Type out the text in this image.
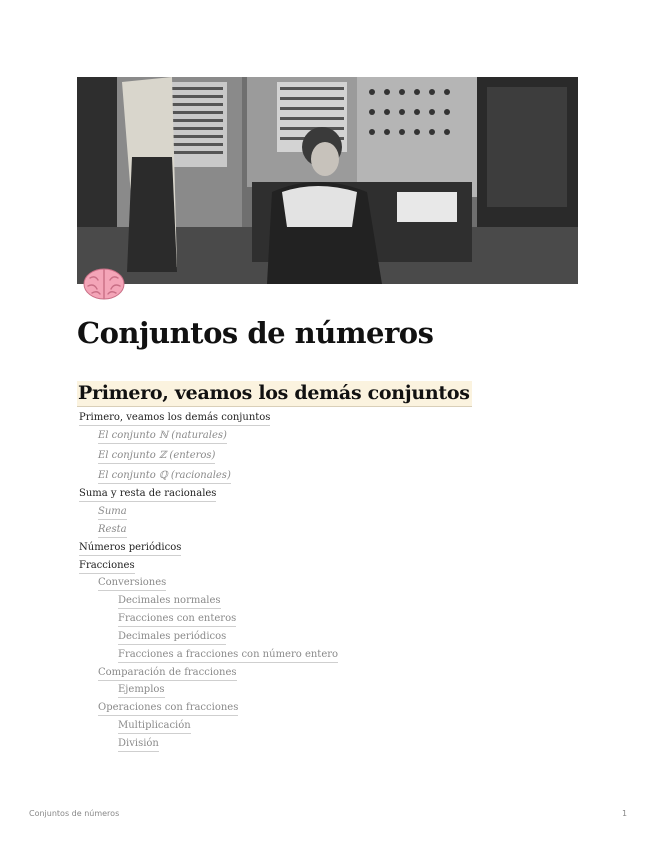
Conjuntos de números
Primero, veamos los demás conjuntos
Primero, veamos los demás conjuntos
El conjunto ℕ (naturales)
El conjunto ℤ (enteros)
El conjunto ℚ (racionales)
Suma y resta de racionales
Suma
Resta
Números periódicos
Fracciones
Conversiones
Decimales normales
Fracciones con enteros
Decimales periódicos
Fracciones a fracciones con número entero
Comparación de fracciones
Ejemplos
Operaciones con fracciones
Multiplicación
División
Conjuntos de números	1
